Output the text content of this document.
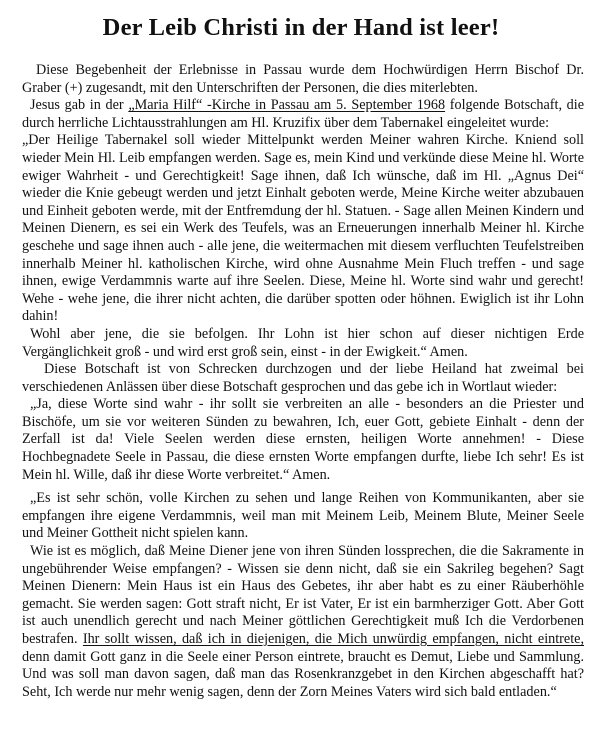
Der Leib Christi in der Hand ist leer!

Diese Begebenheit der Erlebnisse in Passau wurde dem Hochwürdigen Herrn Bischof Dr. Graber (+) zugesandt, mit den Unterschriften der Personen, die dies miterlebten.

Jesus gab in der „Maria Hilf“ -Kirche in Passau am 5. September 1968 folgende Botschaft, die durch herrliche Lichtausstrahlungen am Hl. Kruzifix über dem Tabernakel eingeleitet wurde:

„Der Heilige Tabernakel soll wieder Mittelpunkt werden Meiner wahren Kirche. Kniend soll wieder Mein Hl. Leib empfangen werden. Sage es, mein Kind und verkünde diese Meine hl. Worte ewiger Wahrheit - und Gerechtigkeit! Sage ihnen, daß Ich wünsche, daß im Hl. „Agnus Dei“ wieder die Knie gebeugt werden und jetzt Einhalt geboten werde, Meine Kirche weiter abzubauen und Einheit geboten werde, mit der Entfremdung der hl. Statuen. - Sage allen Meinen Kindern und Meinen Dienern, es sei ein Werk des Teufels, was an Erneuerungen innerhalb Meiner hl. Kirche geschehe und sage ihnen auch - alle jene, die weitermachen mit diesem verfluchten Teufelstreiben innerhalb Meiner hl. katholischen Kirche, wird ohne Ausnahme Mein Fluch treffen - und sage ihnen, ewige Verdammnis warte auf ihre Seelen. Diese, Meine hl. Worte sind wahr und gerecht! Wehe - wehe jene, die ihrer nicht achten, die darüber spotten oder höhnen. Ewiglich ist ihr Lohn dahin!

Wohl aber jene, die sie befolgen. Ihr Lohn ist hier schon auf dieser nichtigen Erde Vergänglichkeit groß - und wird erst groß sein, einst - in der Ewigkeit.“ Amen.

Diese Botschaft ist von Schrecken durchzogen und der liebe Heiland hat zweimal bei verschiedenen Anlässen über diese Botschaft gesprochen und das gebe ich in Wortlaut wieder:

„Ja, diese Worte sind wahr - ihr sollt sie verbreiten an alle - besonders an die Priester und Bischöfe, um sie vor weiteren Sünden zu bewahren, Ich, euer Gott, gebiete Einhalt - denn der Zerfall ist da! Viele Seelen werden diese ernsten, heiligen Worte annehmen! - Diese Hochbegnadete Seele in Passau, die diese ernsten Worte empfangen durfte, liebe Ich sehr! Es ist Mein hl. Wille, daß ihr diese Worte verbreitet.“ Amen.

„Es ist sehr schön, volle Kirchen zu sehen und lange Reihen von Kommunikanten, aber sie empfangen ihre eigene Verdammnis, weil man mit Meinem Leib, Meinem Blute, Meiner Seele und Meiner Gottheit nicht spielen kann.

Wie ist es möglich, daß Meine Diener jene von ihren Sünden lossprechen, die die Sakramente in ungebührender Weise empfangen? - Wissen sie denn nicht, daß sie ein Sakrileg begehen? Sagt Meinen Dienern: Mein Haus ist ein Haus des Gebetes, ihr aber habt es zu einer Räuberhöhle gemacht. Sie werden sagen: Gott straft nicht, Er ist Vater, Er ist ein barmherziger Gott. Aber Gott ist auch unendlich gerecht und nach Meiner göttlichen Gerechtigkeit muß Ich die Verdorbenen bestrafen. Ihr sollt wissen, daß ich in diejenigen, die Mich unwürdig empfangen, nicht eintrete, denn damit Gott ganz in die Seele einer Person eintrete, braucht es Demut, Liebe und Sammlung. Und was soll man davon sagen, daß man das Rosenkranzgebet in den Kirchen abgeschafft hat? Seht, Ich werde nur mehr wenig sagen, denn der Zorn Meines Vaters wird sich bald entladen.“
